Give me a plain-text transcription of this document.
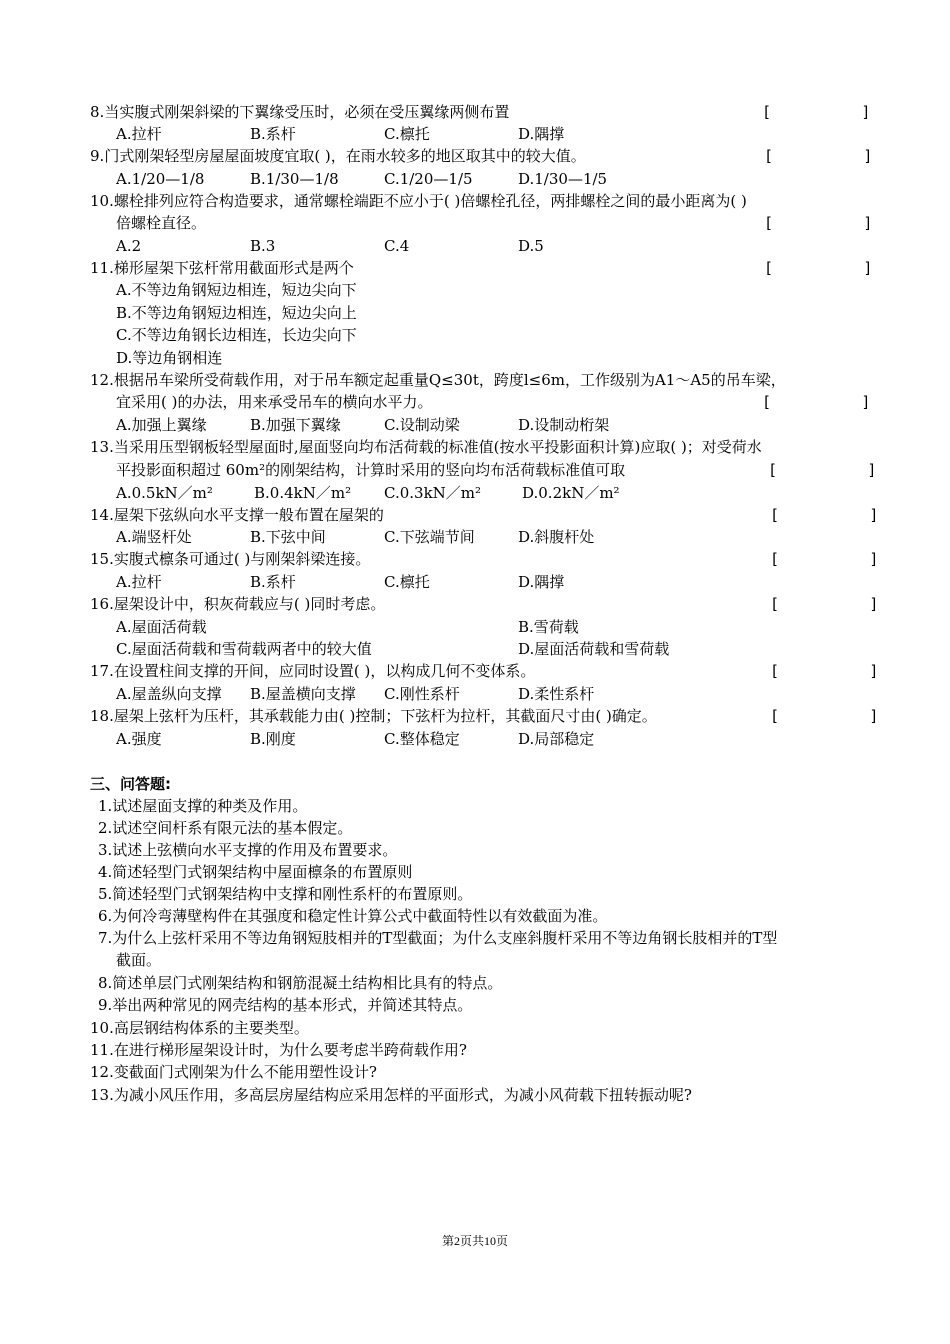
8.当实腹式刚架斜梁的下翼缘受压时，必须在受压翼缘两侧布置	[          ]
A.拉杆	B.系杆	C.檩托	D.隅撑
9.门式刚架轻型房屋屋面坡度宜取( )，在雨水较多的地区取其中的较大值。	[          ]
A.1/20—1/8	B.1/30—1/8	C.1/20—1/5	D.1/30—1/5
10.螺栓排列应符合构造要求，通常螺栓端距不应小于( )倍螺栓孔径，两排螺栓之间的最小距离为( )
倍螺栓直径。	[          ]
A.2	B.3	C.4	D.5
11.梯形屋架下弦杆常用截面形式是两个	[          ]
A.不等边角钢短边相连，短边尖向下
B.不等边角钢短边相连，短边尖向上
C.不等边角钢长边相连，长边尖向下
D.等边角钢相连
12.根据吊车梁所受荷载作用，对于吊车额定起重量Q≤30t，跨度l≤6m，工作级别为A1～A5的吊车梁，
宜采用( )的办法，用来承受吊车的横向水平力。	[          ]
A.加强上翼缘	B.加强下翼缘	C.设制动梁	D.设制动桁架
13.当采用压型钢板轻型屋面时,屋面竖向均布活荷载的标准值(按水平投影面积计算)应取( )；对受荷水
平投影面积超过 60m²的刚架结构，计算时采用的竖向均布活荷载标准值可取	[          ]
A.0.5kN／m²	B.0.4kN／m² C.0.3kN／m²	D.0.2kN／m²
14.屋架下弦纵向水平支撑一般布置在屋架的	[          ]
A.端竖杆处	B.下弦中间	C.下弦端节间	D.斜腹杆处
15.实腹式檩条可通过( )与刚架斜梁连接。	[          ]
A.拉杆	B.系杆	C.檩托	D.隅撑
16.屋架设计中，积灰荷载应与( )同时考虑。	[          ]
A.屋面活荷载	B.雪荷载
C.屋面活荷载和雪荷载两者中的较大值	D.屋面活荷载和雪荷载
17.在设置柱间支撑的开间，应同时设置( )，以构成几何不变体系。	[          ]
A.屋盖纵向支撑 B.屋盖横向支撑 C.刚性系杆	D.柔性系杆
18.屋架上弦杆为压杆，其承载能力由( )控制；下弦杆为拉杆，其截面尺寸由( )确定。	[          ]
A.强度	B.刚度	C.整体稳定	D.局部稳定
三、问答题:
1.试述屋面支撑的种类及作用。
2.试述空间杆系有限元法的基本假定。
3.试述上弦横向水平支撑的作用及布置要求。
4.简述轻型门式钢架结构中屋面檩条的布置原则
5.简述轻型门式钢架结构中支撑和刚性系杆的布置原则。
6.为何冷弯薄壁构件在其强度和稳定性计算公式中截面特性以有效截面为准。
7.为什么上弦杆采用不等边角钢短肢相并的T型截面；为什么支座斜腹杆采用不等边角钢长肢相并的T型
截面。
8.简述单层门式刚架结构和钢筋混凝土结构相比具有的特点。
9.举出两种常见的网壳结构的基本形式，并简述其特点。
10.高层钢结构体系的主要类型。
11.在进行梯形屋架设计时，为什么要考虑半跨荷载作用?
12.变截面门式刚架为什么不能用塑性设计?
13.为减小风压作用，多高层房屋结构应采用怎样的平面形式，为减小风荷载下扭转振动呢?
第2页共10页
